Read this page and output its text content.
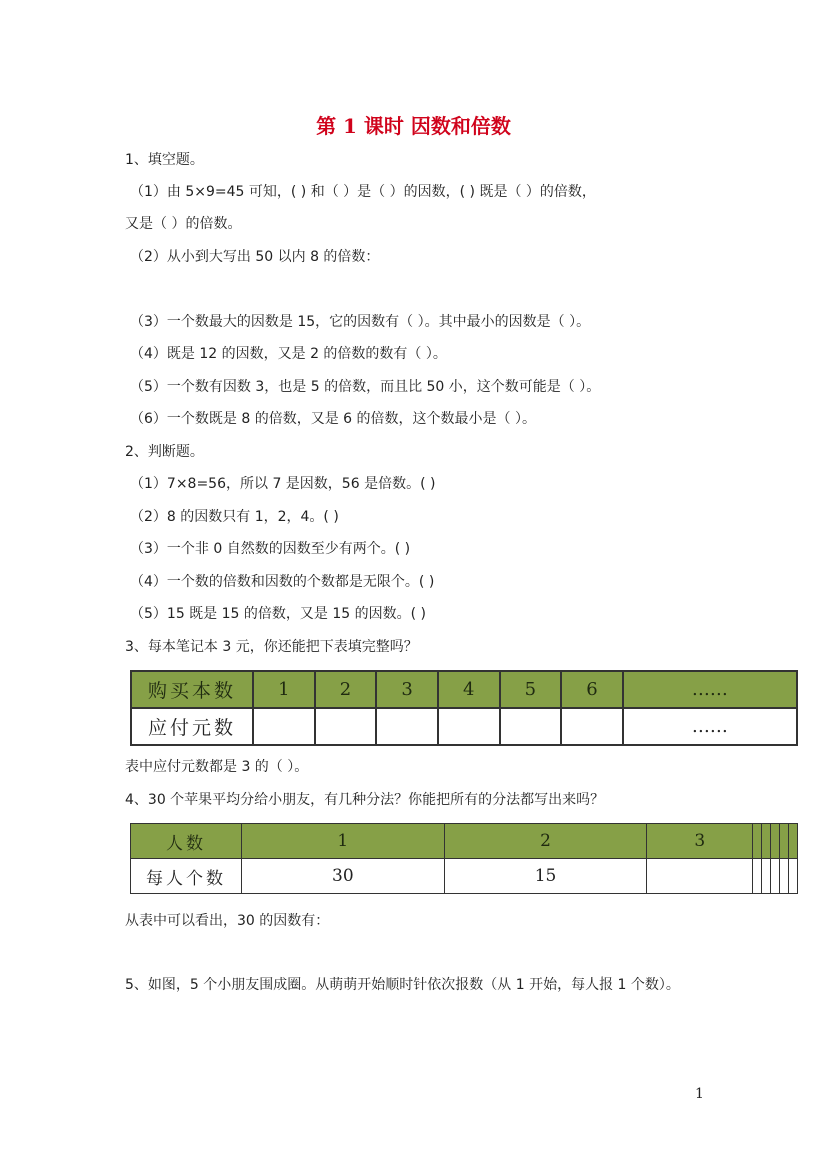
第 1 课时 因数和倍数
1、填空题。
（1）由 5×9=45 可知，( ) 和（ ）是（ ）的因数，( ) 既是（ ）的倍数，
又是（ ）的倍数。
（2）从小到大写出 50 以内 8 的倍数：
（3）一个数最大的因数是 15，它的因数有（ ）。其中最小的因数是（ ）。
（4）既是 12 的因数，又是 2 的倍数的数有（ ）。
（5）一个数有因数 3，也是 5 的倍数，而且比 50 小，这个数可能是（ ）。
（6）一个数既是 8 的倍数，又是 6 的倍数，这个数最小是（ ）。
2、判断题。
（1）7×8=56，所以 7 是因数，56 是倍数。( )
（2）8 的因数只有 1，2，4。( )
（3）一个非 0 自然数的因数至少有两个。( )
（4）一个数的倍数和因数的个数都是无限个。( )
（5）15 既是 15 的倍数，又是 15 的因数。( )
3、每本笔记本 3 元，你还能把下表填完整吗？
购买本数	1	2	3	4	5	6	……
应付元数							……
表中应付元数都是 3 的（ ）。
4、30 个苹果平均分给小朋友，有几种分法？你能把所有的分法都写出来吗？
人数	1	2	3					
每人个数	30	15						
从表中可以看出，30 的因数有：
5、如图，5 个小朋友围成圈。从萌萌开始顺时针依次报数（从 1 开始，每人报 1 个数）。
1
